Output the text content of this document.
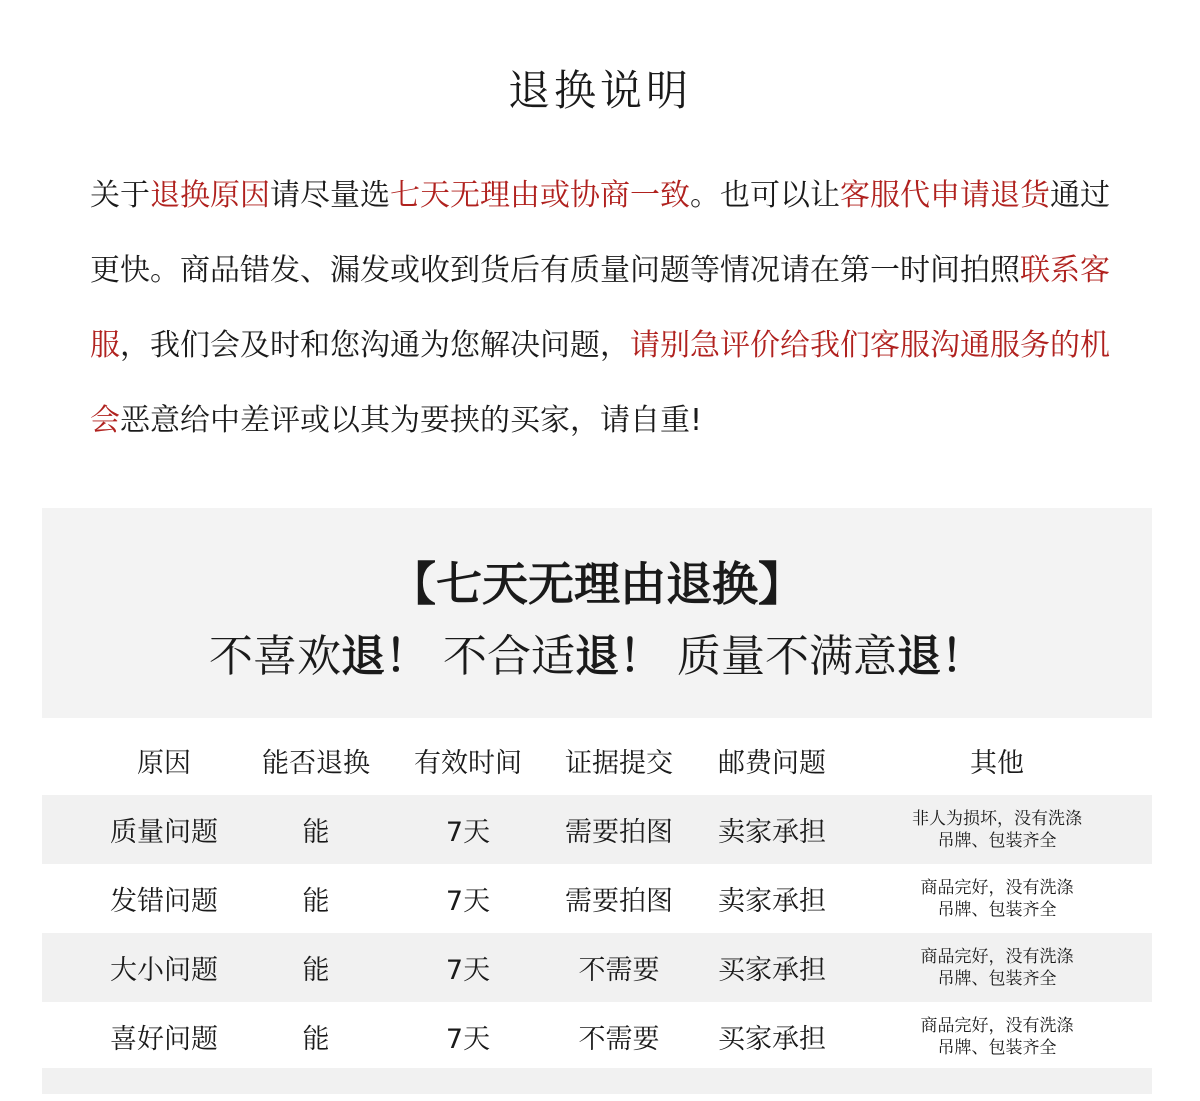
退换说明
关于退换原因请尽量选七天无理由或协商一致。也可以让客服代申请退货通过更快。商品错发、漏发或收到货后有质量问题等情况请在第一时间拍照联系客服，我们会及时和您沟通为您解决问题，请别急评价给我们客服沟通服务的机会恶意给中差评或以其为要挟的买家，请自重!
【七天无理由退换】
不喜欢退！ 不合适退！ 质量不满意退！
原因	能否退换	有效时间	证据提交	邮费问题	其他
质量问题	能	7天	需要拍图	卖家承担	非人为损坏，没有洗涤
吊牌、包装齐全
发错问题	能	7天	需要拍图	卖家承担	商品完好，没有洗涤
吊牌、包装齐全
大小问题	能	7天	不需要	买家承担	商品完好，没有洗涤
吊牌、包装齐全
喜好问题	能	7天	不需要	买家承担	商品完好，没有洗涤
吊牌、包装齐全
